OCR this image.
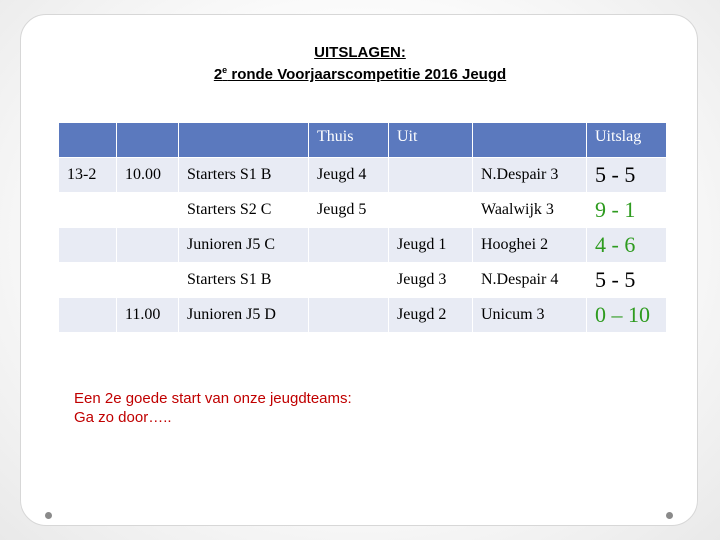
UITSLAGEN:
2e ronde Voorjaarscompetitie 2016 Jeugd
			Thuis	Uit		Uitslag
13-2	10.00	Starters S1 B	Jeugd 4		N.Despair 3	5 - 5
		Starters S2 C	Jeugd 5		Waalwijk 3	9 - 1
		Junioren J5 C		Jeugd 1	Hooghei 2	4 - 6
		Starters S1 B		Jeugd 3	N.Despair 4	5 - 5
	11.00	Junioren J5 D		Jeugd 2	Unicum 3	0 – 10
Een 2e goede start van onze jeugdteams:
Ga zo door…..
